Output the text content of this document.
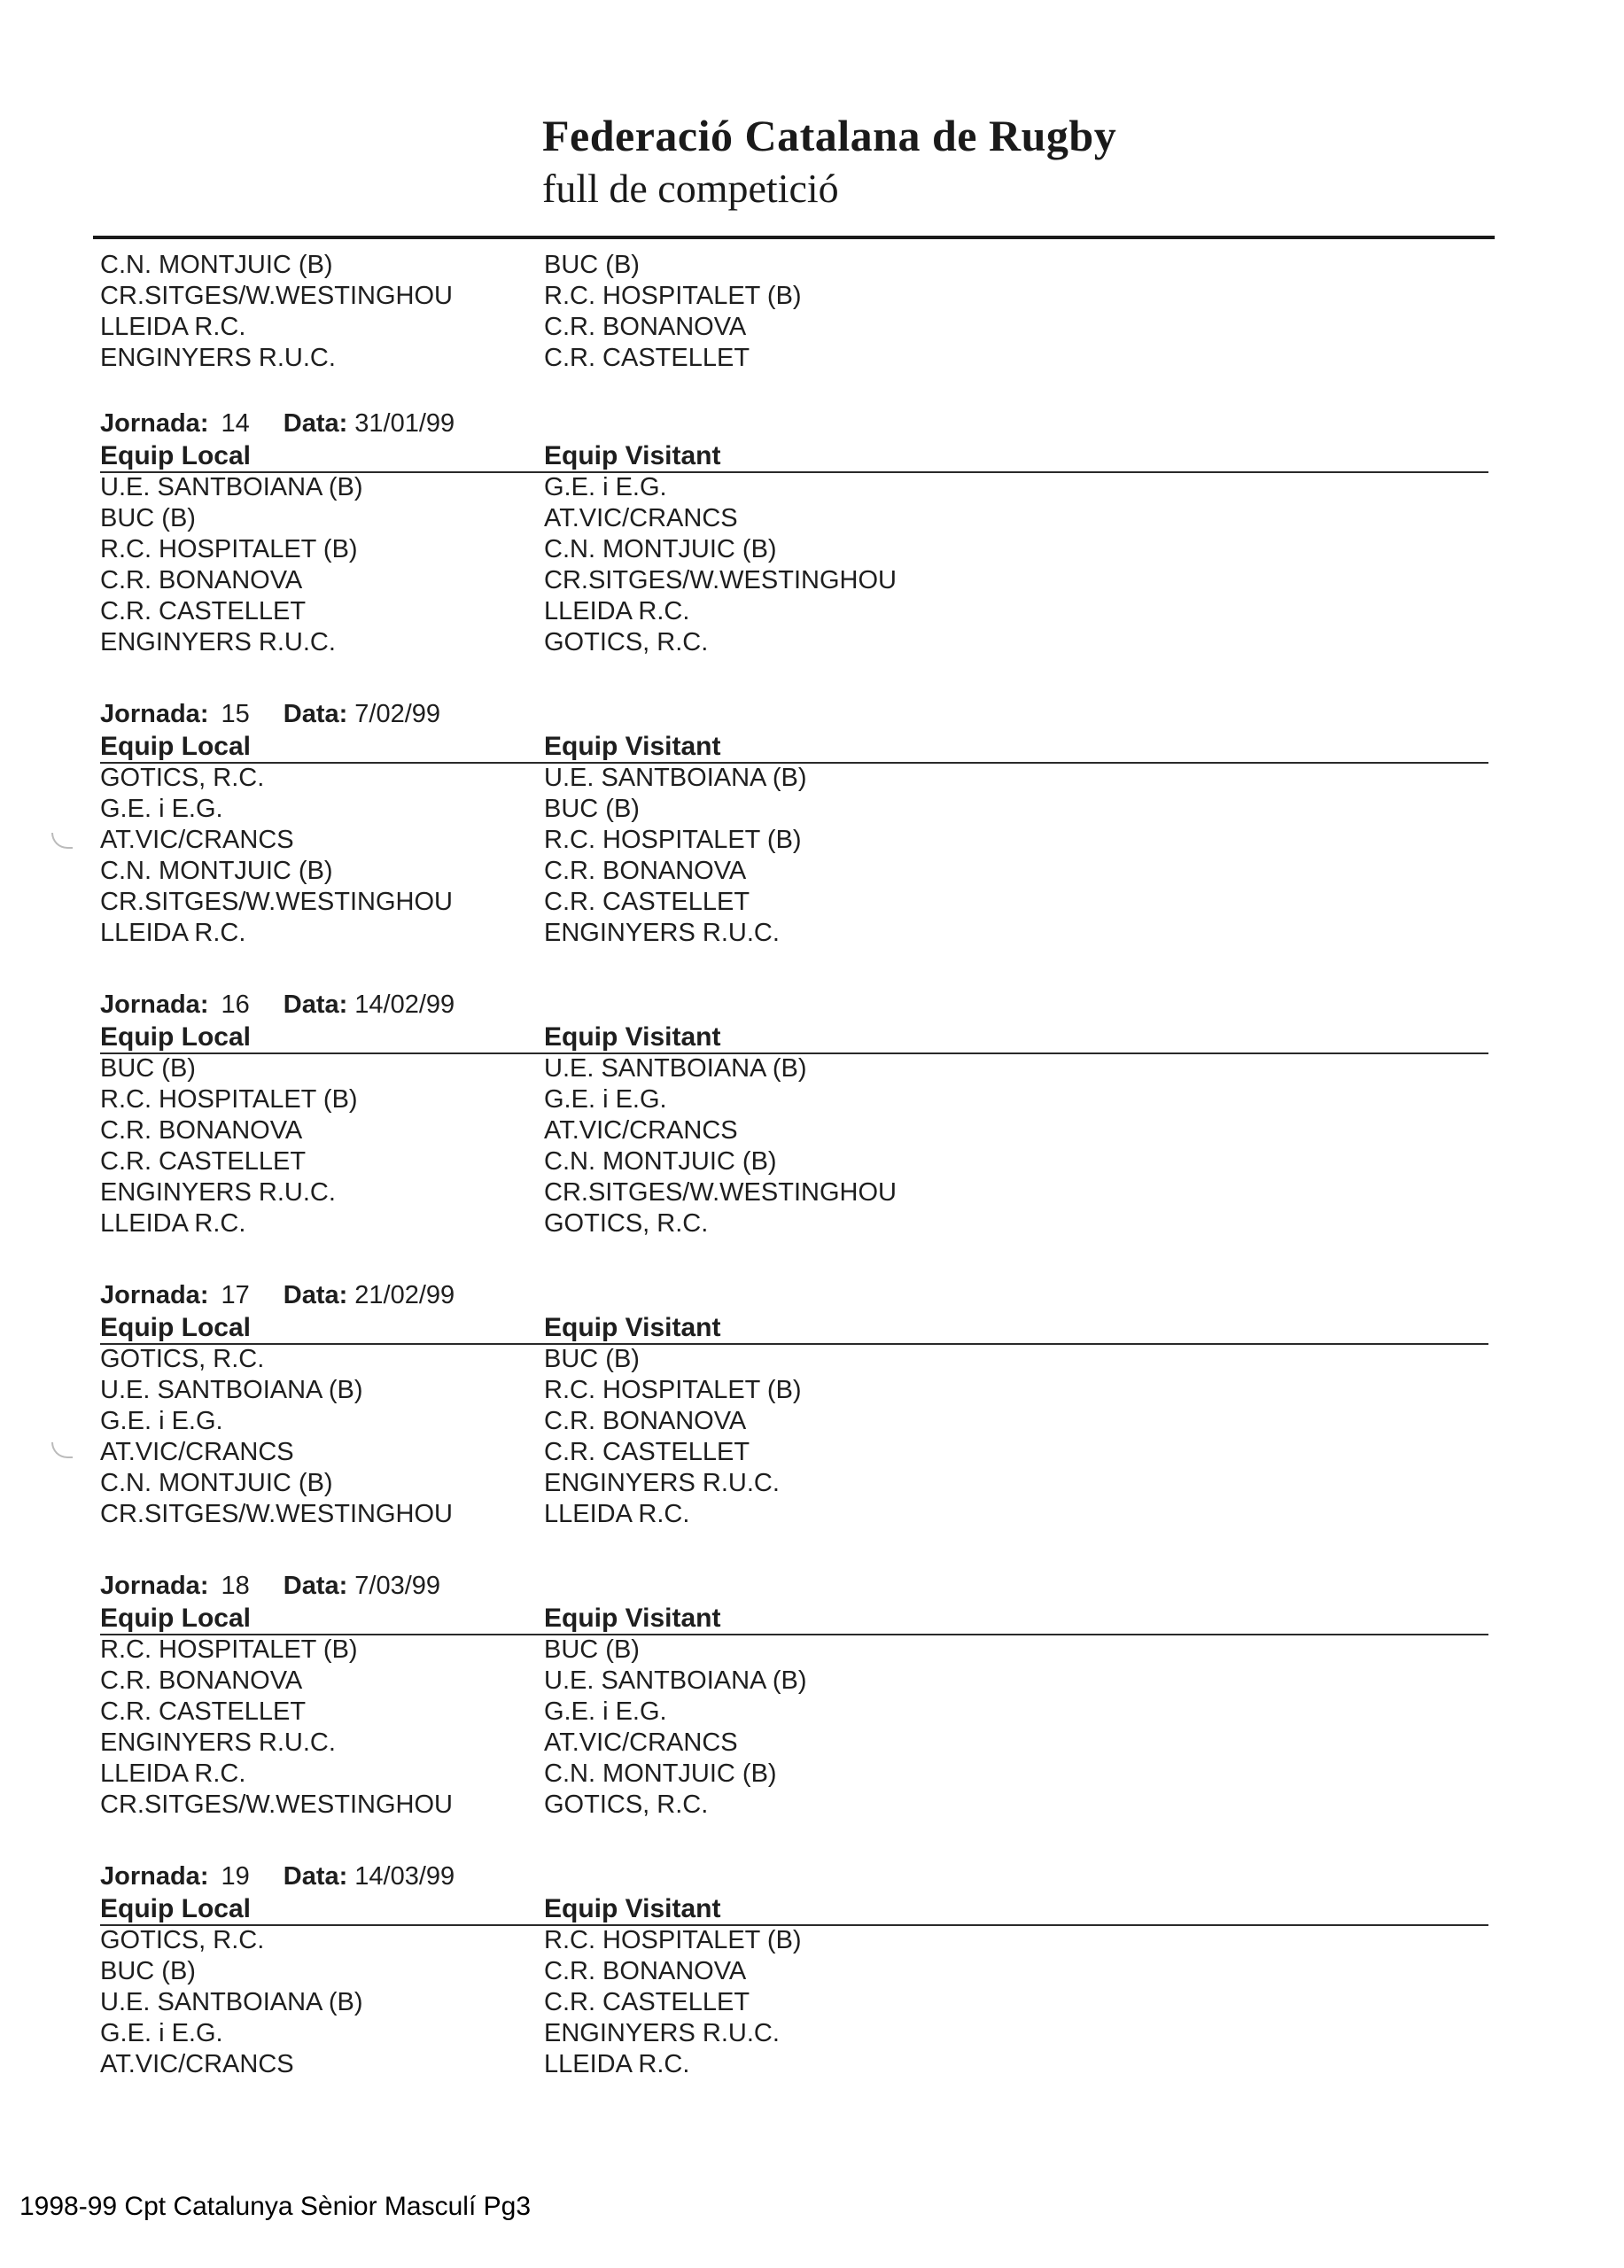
Federació Catalana de Rugby
full de competició
C.N. MONTJUIC (B)	BUC (B)
CR.SITGES/W.WESTINGHOU	R.C. HOSPITALET (B)
LLEIDA R.C.	C.R. BONANOVA
ENGINYERS R.U.C.	C.R. CASTELLET
Jornada: 14 Data: 31/01/99
Equip Local	Equip Visitant
U.E. SANTBOIANA (B)	G.E. i E.G.
BUC (B)	AT.VIC/CRANCS
R.C. HOSPITALET (B)	C.N. MONTJUIC (B)
C.R. BONANOVA	CR.SITGES/W.WESTINGHOU
C.R. CASTELLET	LLEIDA R.C.
ENGINYERS R.U.C.	GOTICS, R.C.
Jornada: 15 Data: 7/02/99
Equip Local	Equip Visitant
GOTICS, R.C.	U.E. SANTBOIANA (B)
G.E. i E.G.	BUC (B)
AT.VIC/CRANCS	R.C. HOSPITALET (B)
C.N. MONTJUIC (B)	C.R. BONANOVA
CR.SITGES/W.WESTINGHOU	C.R. CASTELLET
LLEIDA R.C.	ENGINYERS R.U.C.
Jornada: 16 Data: 14/02/99
Equip Local	Equip Visitant
BUC (B)	U.E. SANTBOIANA (B)
R.C. HOSPITALET (B)	G.E. i E.G.
C.R. BONANOVA	AT.VIC/CRANCS
C.R. CASTELLET	C.N. MONTJUIC (B)
ENGINYERS R.U.C.	CR.SITGES/W.WESTINGHOU
LLEIDA R.C.	GOTICS, R.C.
Jornada: 17 Data: 21/02/99
Equip Local	Equip Visitant
GOTICS, R.C.	BUC (B)
U.E. SANTBOIANA (B)	R.C. HOSPITALET (B)
G.E. i E.G.	C.R. BONANOVA
AT.VIC/CRANCS	C.R. CASTELLET
C.N. MONTJUIC (B)	ENGINYERS R.U.C.
CR.SITGES/W.WESTINGHOU	LLEIDA R.C.
Jornada: 18 Data: 7/03/99
Equip Local	Equip Visitant
R.C. HOSPITALET (B)	BUC (B)
C.R. BONANOVA	U.E. SANTBOIANA (B)
C.R. CASTELLET	G.E. i E.G.
ENGINYERS R.U.C.	AT.VIC/CRANCS
LLEIDA R.C.	C.N. MONTJUIC (B)
CR.SITGES/W.WESTINGHOU	GOTICS, R.C.
Jornada: 19 Data: 14/03/99
Equip Local	Equip Visitant
GOTICS, R.C.	R.C. HOSPITALET (B)
BUC (B)	C.R. BONANOVA
U.E. SANTBOIANA (B)	C.R. CASTELLET
G.E. i E.G.	ENGINYERS R.U.C.
AT.VIC/CRANCS	LLEIDA R.C.
1998-99 Cpt Catalunya Sènior Masculí Pg3
